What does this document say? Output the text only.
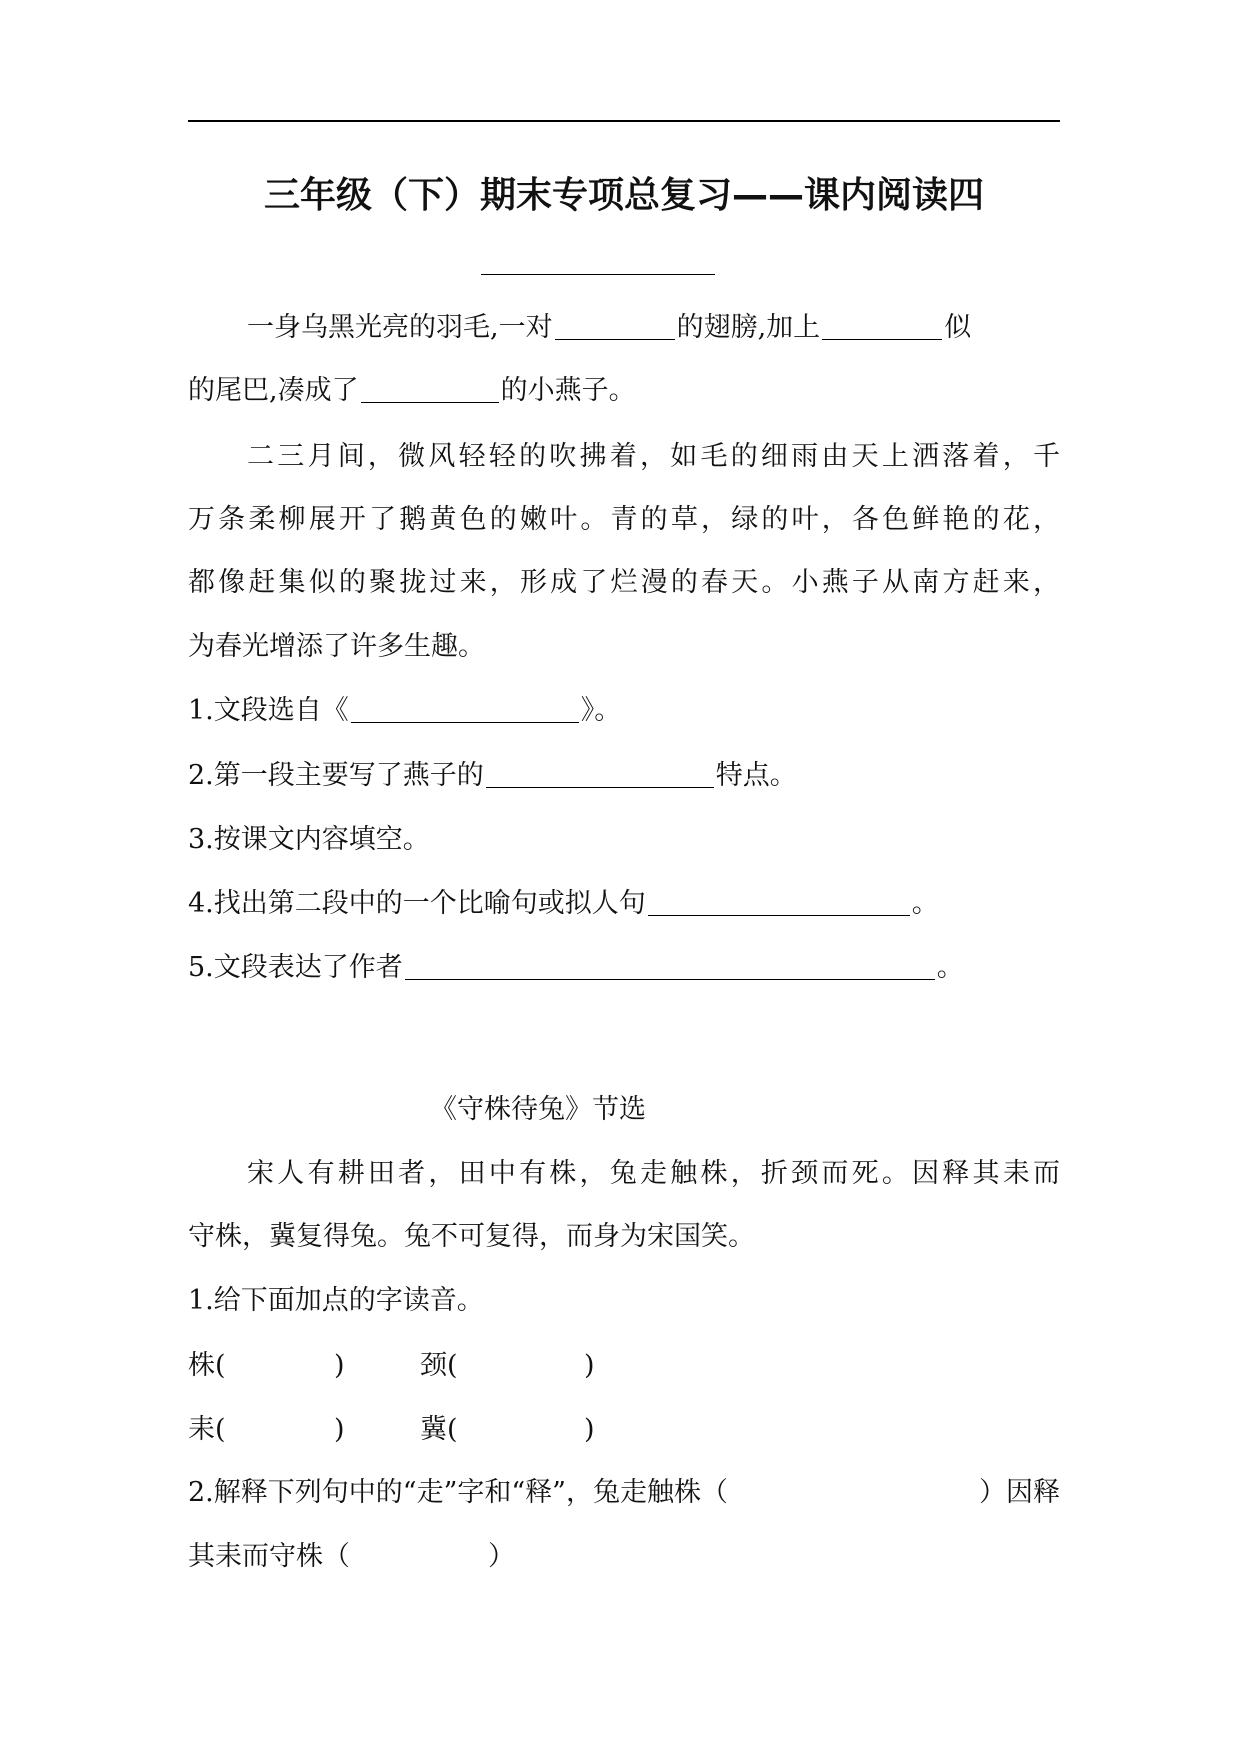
三年级（下）期末专项总复习——课内阅读四
一身乌黑光亮的羽毛,一对	的翅膀,加上	似
的尾巴,凑成了	的小燕子。
二三月间，微风轻轻的吹拂着，如毛的细雨由天上洒落着，千
万条柔柳展开了鹅黄色的嫩叶。青的草，绿的叶，各色鲜艳的花，
都像赶集似的聚拢过来，形成了烂漫的春天。小燕子从南方赶来，
为春光增添了许多生趣。
1.文段选自《	》。
2.第一段主要写了燕子的	特点。
3.按课文内容填空。
4.找出第二段中的一个比喻句或拟人句	。
5.文段表达了作者	。
《守株待兔》节选
宋人有耕田者，田中有株，兔走触株，折颈而死。因释其耒而
守株，冀复得兔。兔不可复得，而身为宋国笑。
1.给下面加点的字读音。
株(	)	颈(	)
耒(	)	冀(	)
2.解释下列句中的“走”字和“释”，兔走触株（	）因释
其耒而守株（	）
